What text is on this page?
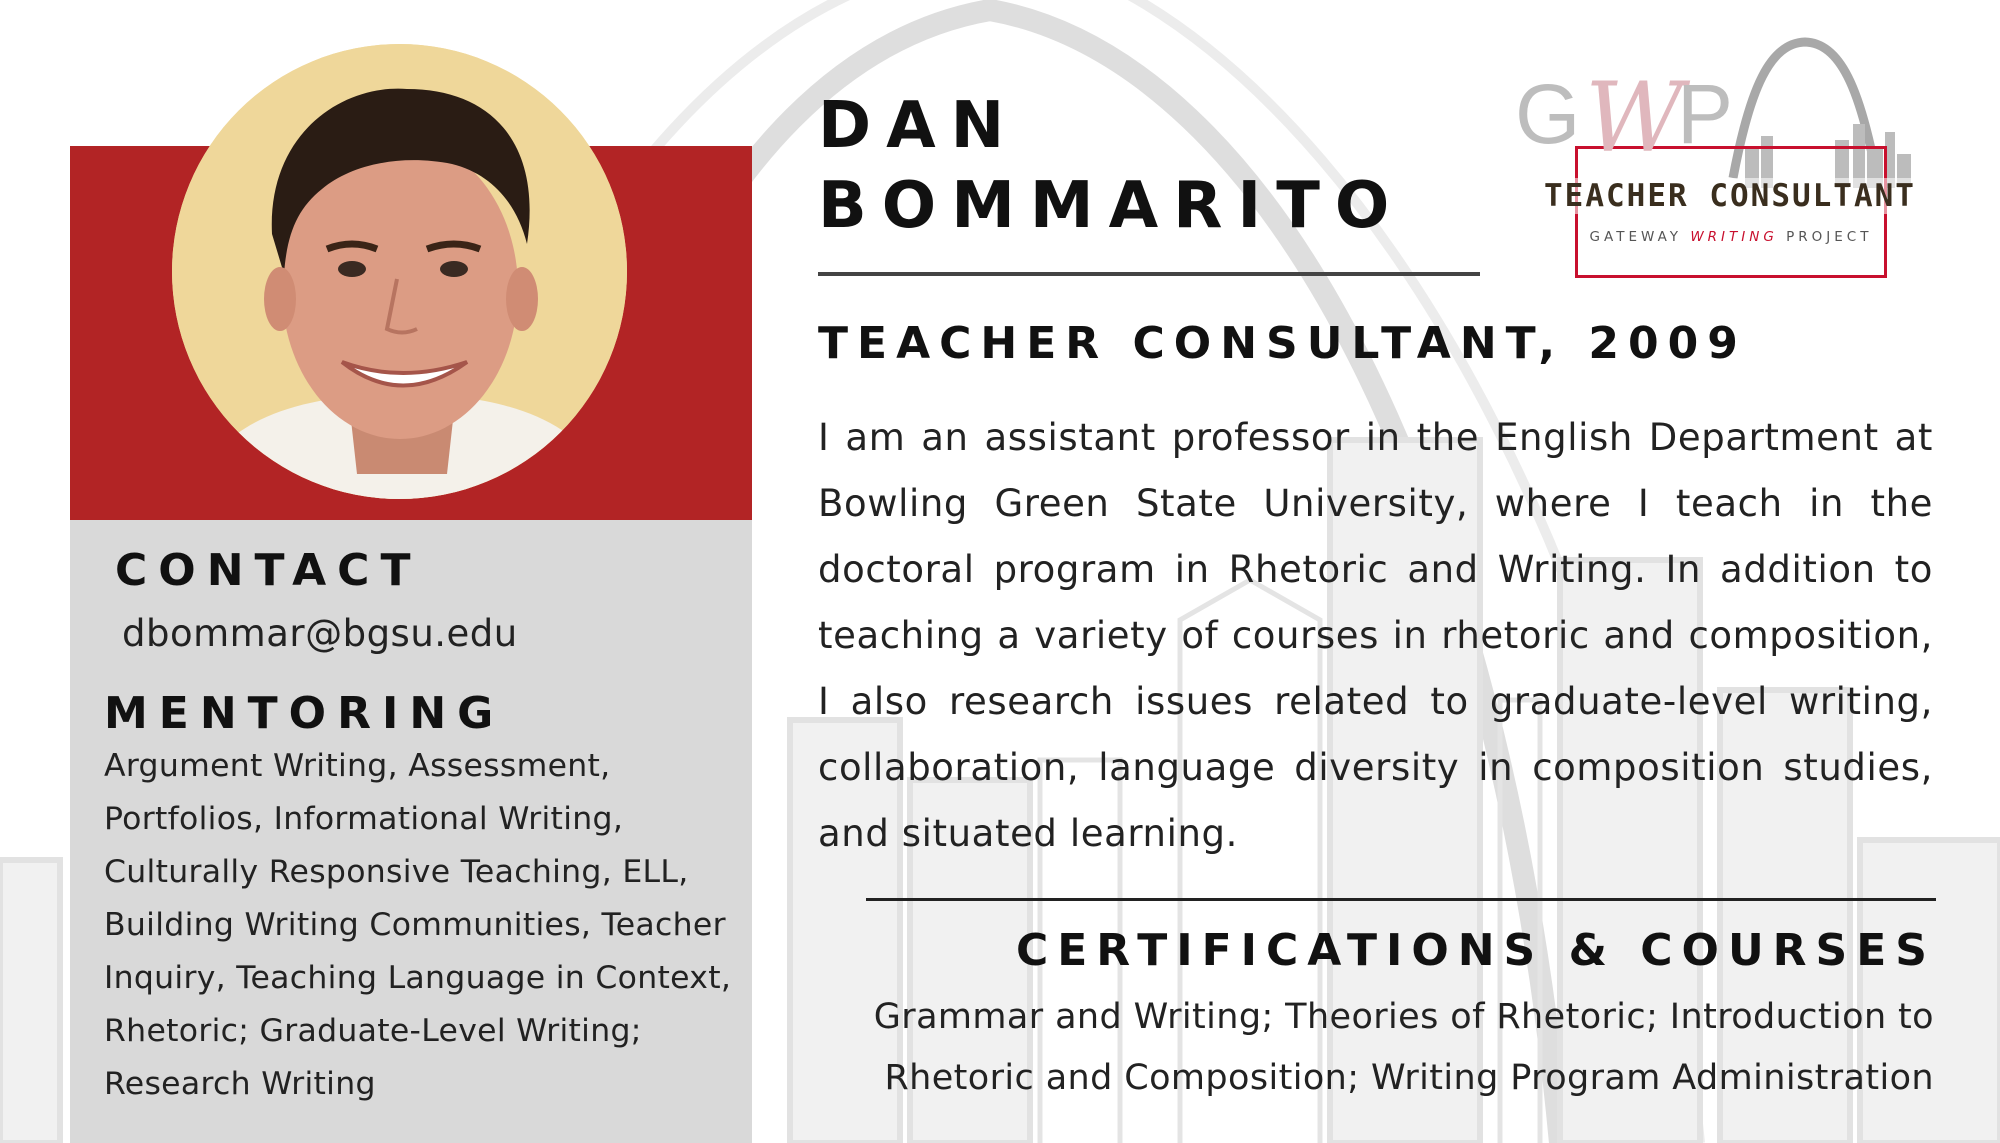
CONTACT
dbommar@bgsu.edu
MENTORING
Argument Writing, Assessment, Portfolios, Informational Writing, Culturally Responsive Teaching, ELL, Building Writing Communities, Teacher Inquiry, Teaching Language in Context, Rhetoric; Graduate-Level Writing; Research Writing
DAN
BOMMARITO
TEACHER CONSULTANT, 2009

I am an assistant professor in the English Department at Bowling Green State University, where I teach in the doctoral program in Rhetoric and Writing. In addition to teaching a variety of courses in rhetoric and composition, I also research issues related to graduate-level writing, collaboration, language diversity in composition studies, and situated learning.

CERTIFICATIONS & COURSES

Grammar and Writing; Theories of Rhetoric; Introduction to Rhetoric and Composition; Writing Program Administration

G W
P
TEACHER CONSULTANT
GATEWAY WRITING PROJECT
